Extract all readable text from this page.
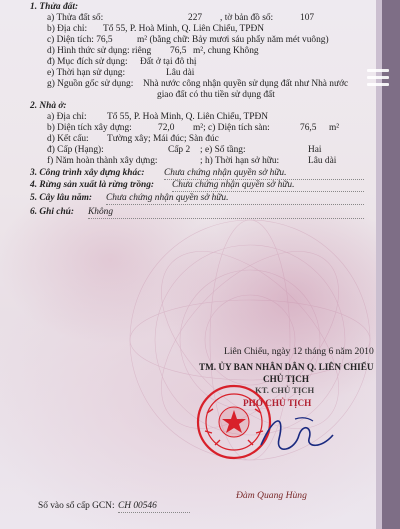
1. Thửa đất:
a) Thửa đất số:	227 , tờ bản đồ số:	107
b) Địa chỉ: Tổ 55, P. Hoà Minh, Q. Liên Chiểu, TPĐN
c) Diện tích: 76,5	m² (bằng chữ: Bảy mươi sáu phẩy năm mét vuông)
d) Hình thức sử dụng: riêng 76,5 m², chung Không
đ) Mục đích sử dụng: Đất ở tại đô thị
e) Thời hạn sử dụng:	Lâu dài
g) Nguồn gốc sử dụng: Nhà nước công nhận quyền sử dụng đất như Nhà nước
giao đất có thu tiền sử dụng đất
2. Nhà ở:
a) Địa chỉ: Tổ 55, P. Hoà Minh, Q. Liên Chiểu, TPĐN
b) Diện tích xây dựng:	72,0 m²; c) Diện tích sàn:	76,5 m²
d) Kết cấu: Tường xây; Mái đúc; Sàn đúc
đ) Cấp (Hạng):	Cấp 2 ; e) Số tầng:	Hai
f) Năm hoàn thành xây dựng:	; h) Thời hạn sở hữu:	Lâu dài
3. Công trình xây dựng khác: Chưa chứng nhận quyền sở hữu.
4. Rừng sản xuất là rừng trồng: Chưa chứng nhận quyền sở hữu.
5. Cây lâu năm: Chưa chứng nhận quyền sở hữu.
6. Ghi chú: Không
Liên Chiểu, ngày 12 tháng 6 năm 2010
TM. ỦY BAN NHÂN DÂN Q. LIÊN CHIỂU
CHỦ TỊCH
KT. CHỦ TỊCH
PHÓ CHỦ TỊCH
Đàm Quang Hùng
Số vào sổ cấp GCN: CH 00546
